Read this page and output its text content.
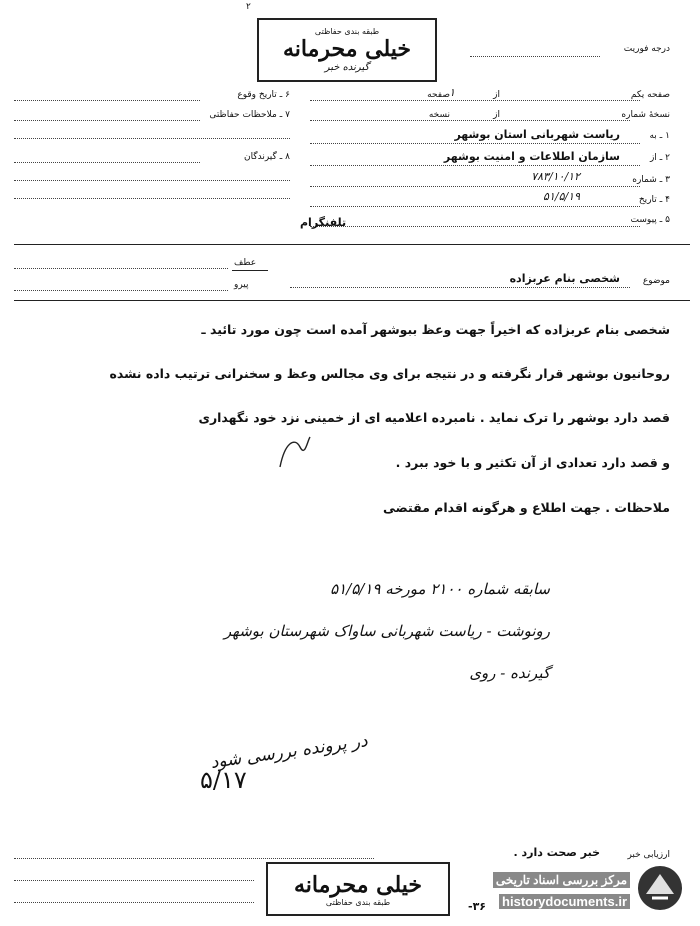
۲
طبقه بندی حفاظتی
خیلی محرمانه
گیرنده خبر
درجه فوریت
۶ ـ تاریخ وقوع
۷ ـ ملاحظات حفاظتی
۸ ـ گیرندگان
صفحه یکم
از
صفحه ۱
نسخهٔ شماره
از
نسخه
۱ ـ به
ریاست شهربانی استان بوشهر
۲ ـ از
سازمان اطلاعات و امنیت بوشهر
۳ ـ شماره
۷۸۳/۱۰/۱۲
۴ ـ تاریخ
۵۱/۵/۱۹
۵ ـ پیوست
تلفنگرام
عطف
پیرو	موضوع
شخصی بنام عربزاده
شخصی بنام عربزاده که اخیراً جهت وعظ ببوشهر آمده است چون مورد تائید ـ
روحانیون بوشهر قرار نگرفته و در نتیجه برای وی مجالس وعظ و سخنرانی ترتیب داده نشده
قصد دارد بوشهر را ترک نماید . نامبرده اعلامیه ای از خمینی نزد خود نگهداری
و قصد دارد تعدادی از آن تکثیر و با خود ببرد .
ملاحظات . جهت اطلاع و هرگونه اقدام مقتضی
سابقه شماره ۲۱۰۰ مورخه ۵۱/۵/۱۹
رونوشت - ریاست شهربانی ساواک شهرستان بوشهر
گیرنده - روی
در پرونده بررسی شود
۵/۱۷
ارزیابی خبر
خبر صحت دارد .
خیلی محرمانه
طبقه بندی حفاظتی	-۳۶
مرکز بررسی اسناد تاریخی
historydocuments.ir
